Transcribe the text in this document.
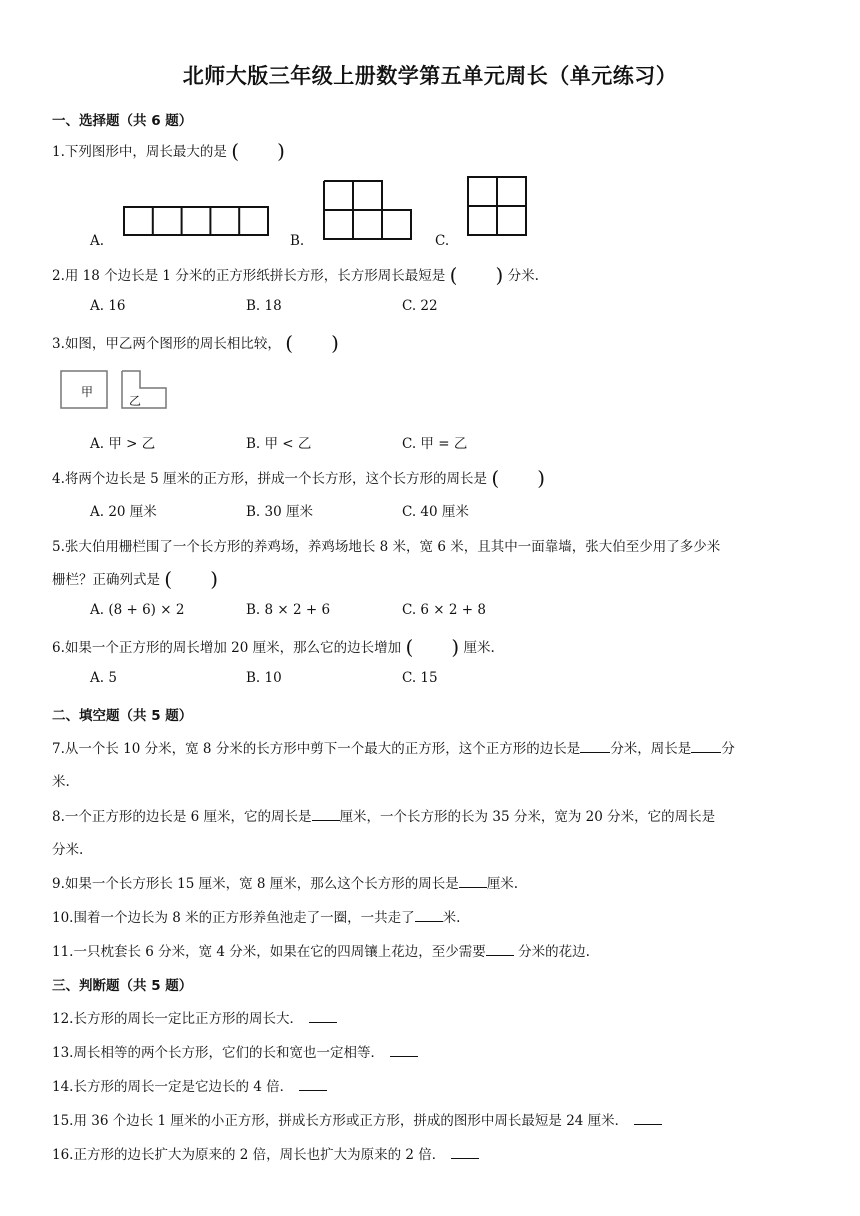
北师大版三年级上册数学第五单元周长（单元练习）
一、选择题（共 6 题）
1.下列图形中，周长最大的是 (      )
A.	B.	C.
2.用 18 个边长是 1 分米的正方形纸拼长方形，长方形周长最短是 (      ) 分米.
A. 16	B. 18	C. 22
3.如图，甲乙两个图形的周长相比较， (      )
甲
乙
A. 甲 > 乙	B. 甲 < 乙	C. 甲 = 乙
4.将两个边长是 5 厘米的正方形，拼成一个长方形，这个长方形的周长是 (      )
A. 20 厘米	B. 30 厘米	C. 40 厘米
5.张大伯用栅栏围了一个长方形的养鸡场，养鸡场地长 8 米，宽 6 米，且其中一面靠墙，张大伯至少用了多少米
栅栏？正确列式是 (      )
A. (8 + 6) × 2	B. 8 × 2 + 6	C. 6 × 2 + 8
6.如果一个正方形的周长增加 20 厘米，那么它的边长增加 (      ) 厘米.
A. 5	B. 10	C. 15
二、填空题（共 5 题）
7.从一个长 10 分米，宽 8 分米的长方形中剪下一个最大的正方形，这个正方形的边长是 分米，周长是 分
米.
8.一个正方形的边长是 6 厘米，它的周长是 厘米，一个长方形的长为 35 分米，宽为 20 分米，它的周长是
分米.
9.如果一个长方形长 15 厘米，宽 8 厘米，那么这个长方形的周长是 厘米.
10.围着一个边长为 8 米的正方形养鱼池走了一圈，一共走了 米.
11.一只枕套长 6 分米，宽 4 分米，如果在它的四周镶上花边，至少需要 分米的花边.
三、判断题（共 5 题）
12.长方形的周长一定比正方形的周长大．
13.周长相等的两个长方形，它们的长和宽也一定相等．
14.长方形的周长一定是它边长的 4 倍．
15.用 36 个边长 1 厘米的小正方形，拼成长方形或正方形，拼成的图形中周长最短是 24 厘米．
16.正方形的边长扩大为原来的 2 倍，周长也扩大为原来的 2 倍．
